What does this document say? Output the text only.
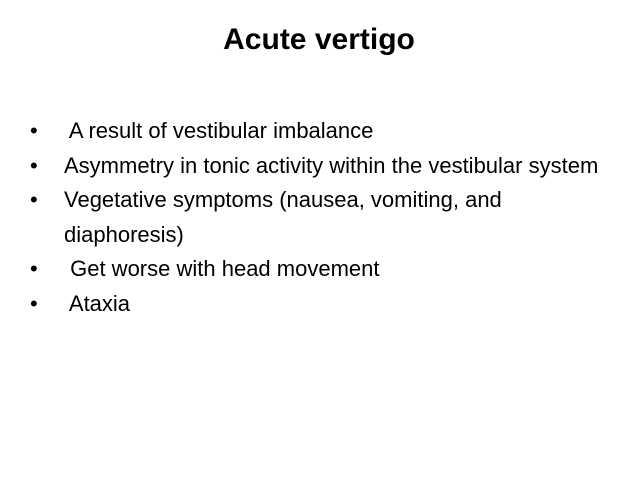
Acute vertigo
•	A result of vestibular imbalance
•	Asymmetry in tonic activity within the vestibular system
•	Vegetative symptoms (nausea, vomiting, and diaphoresis)
•	Get worse with head movement
•	Ataxia
